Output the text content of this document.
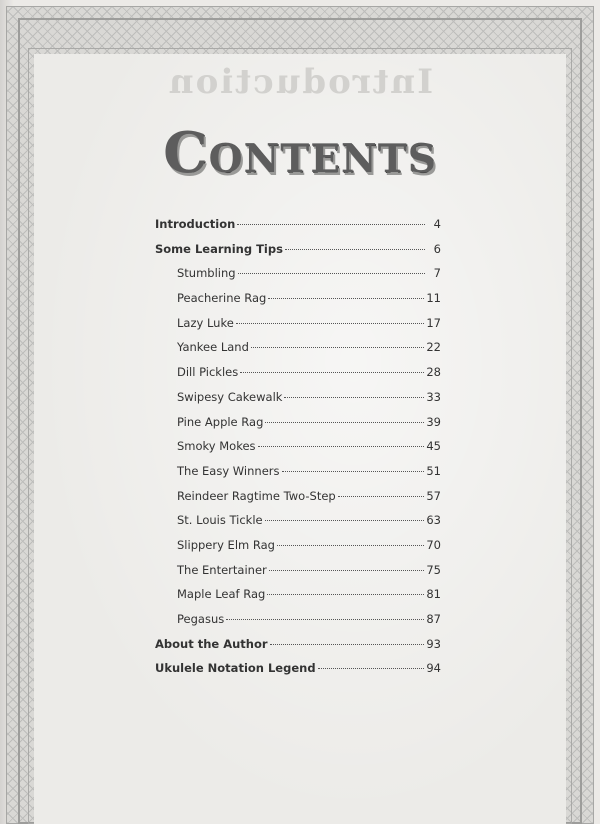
Introduction
Contents
Introduction	4
Some Learning Tips	6
Stumbling	7
Peacherine Rag	11
Lazy Luke	17
Yankee Land	22
Dill Pickles	28
Swipesy Cakewalk	33
Pine Apple Rag	39
Smoky Mokes	45
The Easy Winners	51
Reindeer Ragtime Two-Step	57
St. Louis Tickle	63
Slippery Elm Rag	70
The Entertainer	75
Maple Leaf Rag	81
Pegasus	87
About the Author	93
Ukulele Notation Legend	94
